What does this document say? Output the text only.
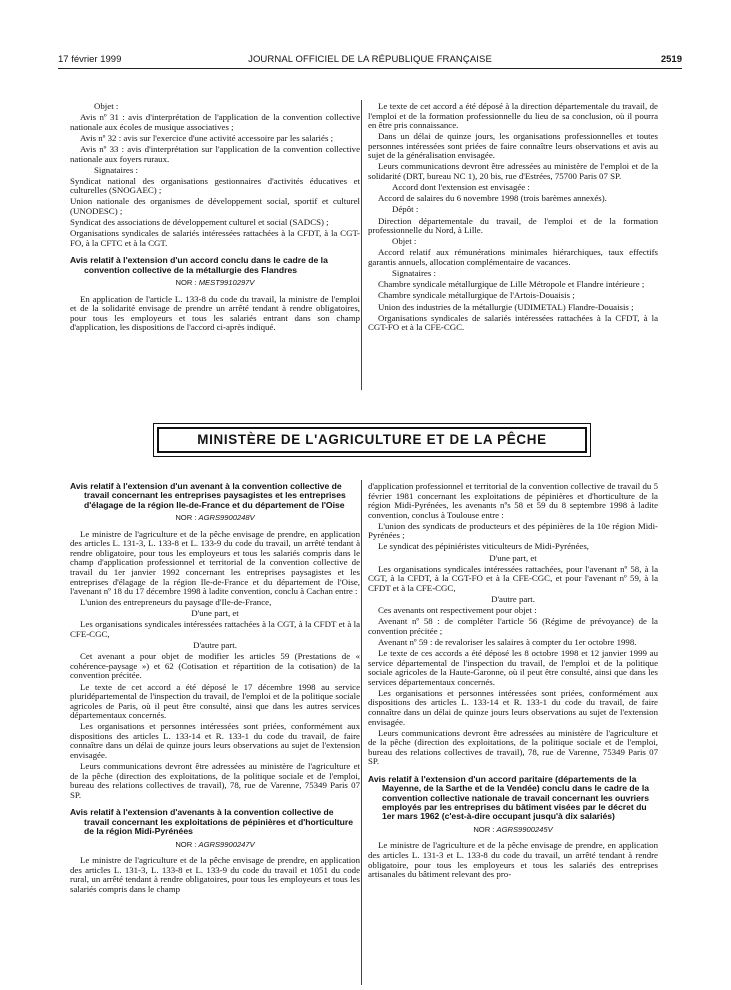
17 février 1999	JOURNAL OFFICIEL DE LA RÉPUBLIQUE FRANÇAISE	2519
Objet :

Avis nº 31 : avis d'interprétation de l'application de la convention collective nationale aux écoles de musique associatives ;

Avis nº 32 : avis sur l'exercice d'une activité accessoire par les salariés ;

Avis nº 33 : avis d'interprétation sur l'application de la convention collective nationale aux foyers ruraux.

Signataires :

Syndicat national des organisations gestionnaires d'activités éducatives et culturelles (SNOGAEC) ;

Union nationale des organismes de développement social, sportif et culturel (UNODESC) ;

Syndicat des associations de développement culturel et social (SADCS) ;

Organisations syndicales de salariés intéressées rattachées à la CFDT, à la CGT-FO, à la CFTC et à la CGT.

Avis relatif à l'extension d'un accord conclu dans le cadre de la convention collective de la métallurgie des Flandres
NOR : MEST9910297V

En application de l'article L. 133-8 du code du travail, la ministre de l'emploi et de la solidarité envisage de prendre un arrêté tendant à rendre obligatoires, pour tous les employeurs et tous les salariés entrant dans son champ d'application, les dispositions de l'accord ci-après indiqué.

Le texte de cet accord a été déposé à la direction départementale du travail, de l'emploi et de la formation professionnelle du lieu de sa conclusion, où il pourra en être pris connaissance.

Dans un délai de quinze jours, les organisations professionnelles et toutes personnes intéressées sont priées de faire connaître leurs observations et avis au sujet de la généralisation envisagée.

Leurs communications devront être adressées au ministère de l'emploi et de la solidarité (DRT, bureau NC 1), 20 bis, rue d'Estrées, 75700 Paris 07 SP.

Accord dont l'extension est envisagée :

Accord de salaires du 6 novembre 1998 (trois barèmes annexés).

Dépôt :

Direction départementale du travail, de l'emploi et de la formation professionnelle du Nord, à Lille.

Objet :

Accord relatif aux rémunérations minimales hiérarchiques, taux effectifs garantis annuels, allocation complémentaire de vacances.

Signataires :

Chambre syndicale métallurgique de Lille Métropole et Flandre intérieure ;

Chambre syndicale métallurgique de l'Artois-Douaisis ;

Union des industries de la métallurgie (UDIMETAL) Flandre-Douaisis ;

Organisations syndicales de salariés intéressées rattachées à la CFDT, à la CGT-FO et à la CFE-CGC.

MINISTÈRE DE L'AGRICULTURE ET DE LA PÊCHE
Avis relatif à l'extension d'un avenant à la convention collective de travail concernant les entreprises paysagistes et les entreprises d'élagage de la région Ile-de-France et du département de l'Oise
NOR : AGRS9900248V

Le ministre de l'agriculture et de la pêche envisage de prendre, en application des articles L. 131-3, L. 133-8 et L. 133-9 du code du travail, un arrêté tendant à rendre obligatoire, pour tous les employeurs et tous les salariés compris dans le champ d'application professionnel et territorial de la convention collective de travail du 1er janvier 1992 concernant les entreprises paysagistes et les entreprises d'élagage de la région Ile-de-France et du département de l'Oise, l'avenant nº 18 du 17 décembre 1998 à ladite convention, conclu à Cachan entre :

L'union des entrepreneurs du paysage d'Ile-de-France,

D'une part, et

Les organisations syndicales intéressées rattachées à la CGT, à la CFDT et à la CFE-CGC,

D'autre part.

Cet avenant a pour objet de modifier les articles 59 (Prestations de « cohérence-paysage ») et 62 (Cotisation et répartition de la cotisation) de la convention précitée.

Le texte de cet accord a été déposé le 17 décembre 1998 au service pluridépartemental de l'inspection du travail, de l'emploi et de la politique sociale agricoles de Paris, où il peut être consulté, ainsi que dans les autres services départementaux concernés.

Les organisations et personnes intéressées sont priées, conformément aux dispositions des articles L. 133-14 et R. 133-1 du code du travail, de faire connaître dans un délai de quinze jours leurs observations au sujet de l'extension envisagée.

Leurs communications devront être adressées au ministère de l'agriculture et de la pêche (direction des exploitations, de la politique sociale et de l'emploi, bureau des relations collectives de travail), 78, rue de Varenne, 75349 Paris 07 SP.

Avis relatif à l'extension d'avenants à la convention collective de travail concernant les exploitations de pépinières et d'horticulture de la région Midi-Pyrénées
NOR : AGRS9900247V

Le ministre de l'agriculture et de la pêche envisage de prendre, en application des articles L. 131-3, L. 133-8 et L. 133-9 du code du travail et 1051 du code rural, un arrêté tendant à rendre obligatoires, pour tous les employeurs et tous les salariés compris dans le champ

d'application professionnel et territorial de la convention collective de travail du 5 février 1981 concernant les exploitations de pépinières et d'horticulture de la région Midi-Pyrénées, les avenants nºs 58 et 59 du 8 septembre 1998 à ladite convention, conclus à Toulouse entre :

L'union des syndicats de producteurs et des pépinières de la 10e région Midi-Pyrénées ;

Le syndicat des pépiniéristes viticulteurs de Midi-Pyrénées,

D'une part, et

Les organisations syndicales intéressées rattachées, pour l'avenant nº 58, à la CGT, à la CFDT, à la CGT-FO et à la CFE-CGC, et pour l'avenant nº 59, à la CFDT et à la CFE-CGC,

D'autre part.

Ces avenants ont respectivement pour objet :

Avenant nº 58 : de compléter l'article 56 (Régime de prévoyance) de la convention précitée ;

Avenant nº 59 : de revaloriser les salaires à compter du 1er octobre 1998.

Le texte de ces accords a été déposé les 8 octobre 1998 et 12 janvier 1999 au service départemental de l'inspection du travail, de l'emploi et de la politique sociale agricoles de la Haute-Garonne, où il peut être consulté, ainsi que dans les services départementaux concernés.

Les organisations et personnes intéressées sont priées, conformément aux dispositions des articles L. 133-14 et R. 133-1 du code du travail, de faire connaître dans un délai de quinze jours leurs observations au sujet de l'extension envisagée.

Leurs communications devront être adressées au ministère de l'agriculture et de la pêche (direction des exploitations, de la politique sociale et de l'emploi, bureau des relations collectives de travail), 78, rue de Varenne, 75349 Paris 07 SP.

Avis relatif à l'extension d'un accord paritaire (départements de la Mayenne, de la Sarthe et de la Vendée) conclu dans le cadre de la convention collective nationale de travail concernant les ouvriers employés par les entreprises du bâtiment visées par le décret du 1er mars 1962 (c'est-à-dire occupant jusqu'à dix salariés)
NOR : AGRS9900245V

Le ministre de l'agriculture et de la pêche envisage de prendre, en application des articles L. 131-3 et L. 133-8 du code du travail, un arrêté tendant à rendre obligatoire, pour tous les employeurs et tous les salariés des entreprises artisanales du bâtiment relevant des pro-
